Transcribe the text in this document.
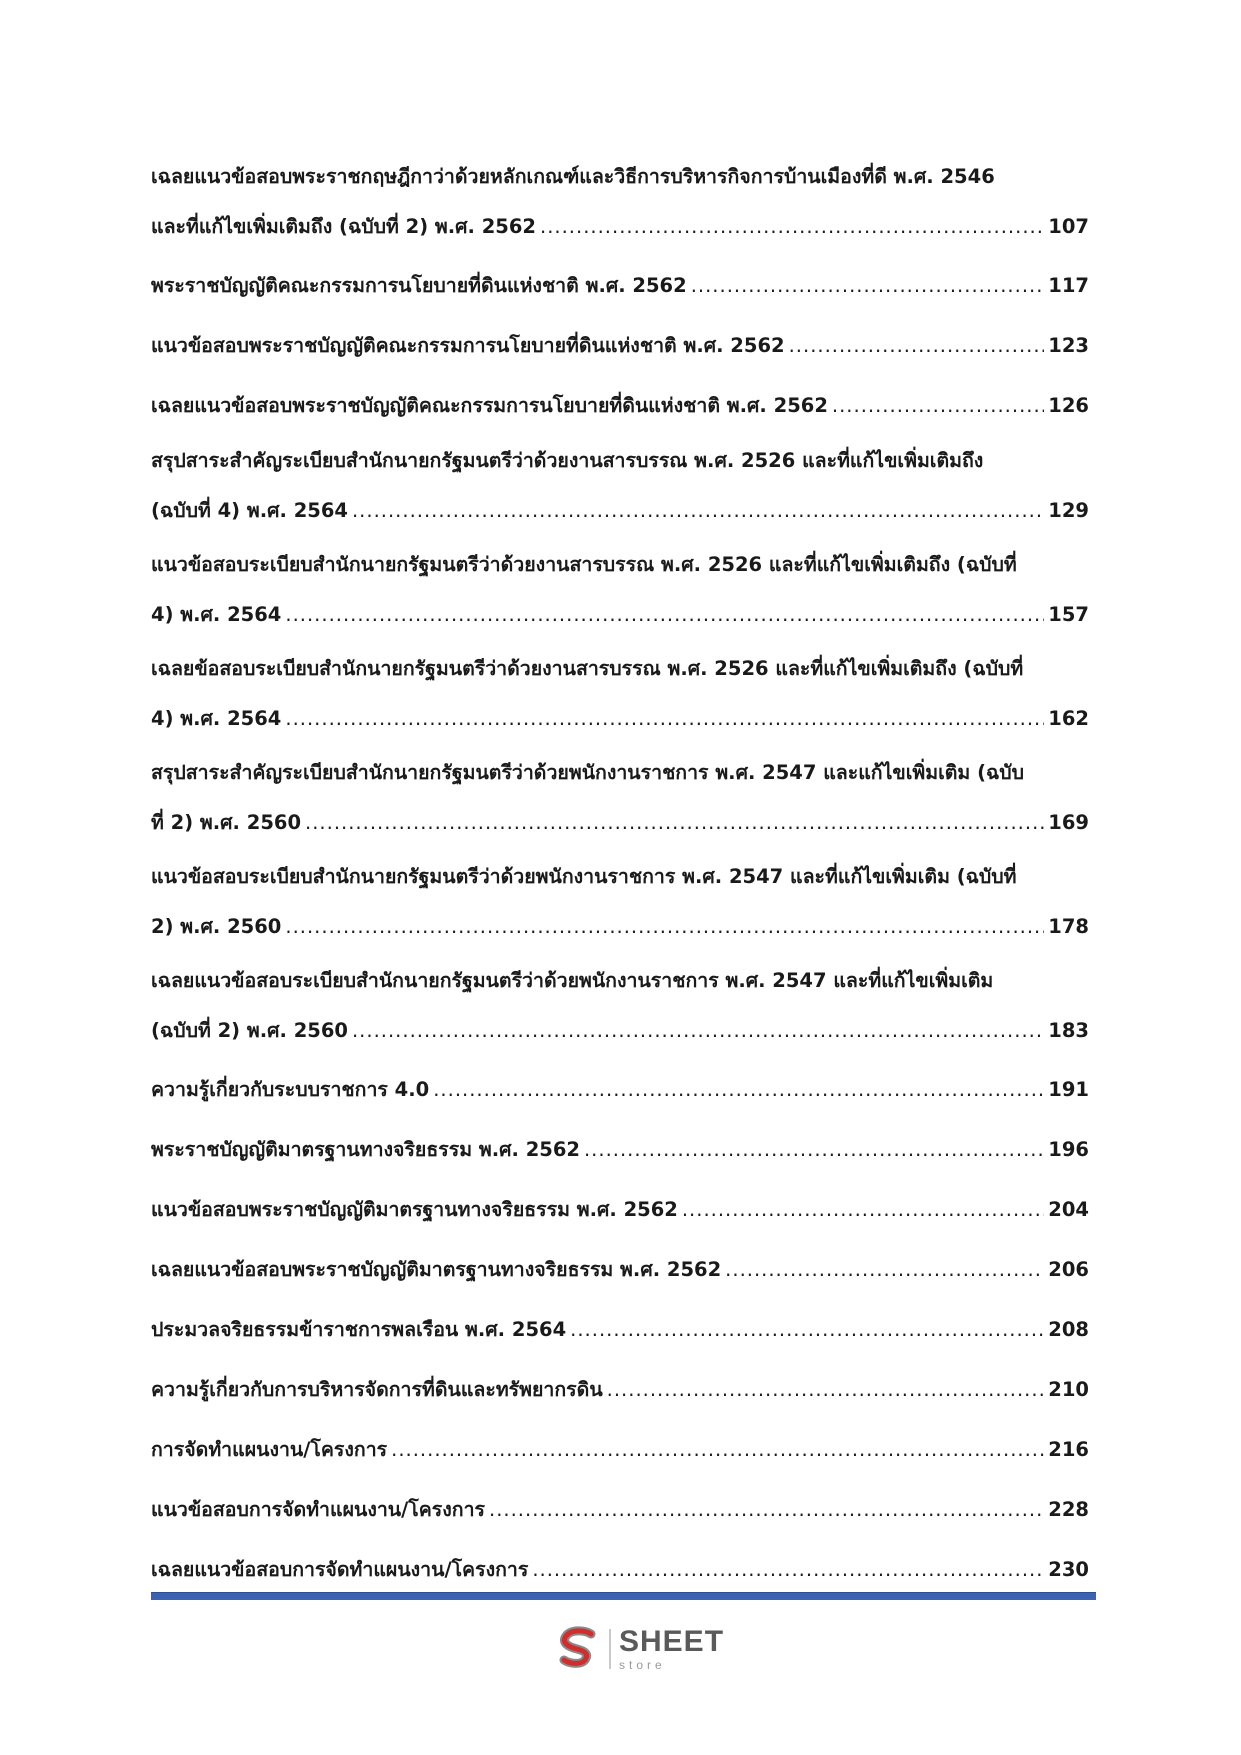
เฉลยแนวข้อสอบพระราชกฤษฎีกาว่าด้วยหลักเกณฑ์และวิธีการบริหารกิจการบ้านเมืองที่ดี พ.ศ. 2546
และที่แก้ไขเพิ่มเติมถึง (ฉบับที่ 2) พ.ศ. 2562 .....	107
พระราชบัญญัติคณะกรรมการนโยบายที่ดินแห่งชาติ พ.ศ. 2562 .....	117
แนวข้อสอบพระราชบัญญัติคณะกรรมการนโยบายที่ดินแห่งชาติ พ.ศ. 2562 .....	123
เฉลยแนวข้อสอบพระราชบัญญัติคณะกรรมการนโยบายที่ดินแห่งชาติ พ.ศ. 2562 .....	126
สรุปสาระสำคัญระเบียบสำนักนายกรัฐมนตรีว่าด้วยงานสารบรรณ พ.ศ. 2526 และที่แก้ไขเพิ่มเติมถึง
(ฉบับที่ 4) พ.ศ. 2564 .....	129
แนวข้อสอบระเบียบสำนักนายกรัฐมนตรีว่าด้วยงานสารบรรณ พ.ศ. 2526 และที่แก้ไขเพิ่มเติมถึง (ฉบับที่
4) พ.ศ. 2564 .....	157
เฉลยข้อสอบระเบียบสำนักนายกรัฐมนตรีว่าด้วยงานสารบรรณ พ.ศ. 2526 และที่แก้ไขเพิ่มเติมถึง (ฉบับที่
4) พ.ศ. 2564 .....	162
สรุปสาระสำคัญระเบียบสำนักนายกรัฐมนตรีว่าด้วยพนักงานราชการ พ.ศ. 2547 และแก้ไขเพิ่มเติม (ฉบับ
ที่ 2) พ.ศ. 2560 .....	169
แนวข้อสอบระเบียบสำนักนายกรัฐมนตรีว่าด้วยพนักงานราชการ พ.ศ. 2547 และที่แก้ไขเพิ่มเติม (ฉบับที่
2) พ.ศ. 2560 .....	178
เฉลยแนวข้อสอบระเบียบสำนักนายกรัฐมนตรีว่าด้วยพนักงานราชการ พ.ศ. 2547 และที่แก้ไขเพิ่มเติม
(ฉบับที่ 2) พ.ศ. 2560 .....	183
ความรู้เกี่ยวกับระบบราชการ 4.0 .....	191
พระราชบัญญัติมาตรฐานทางจริยธรรม พ.ศ. 2562 .....	196
แนวข้อสอบพระราชบัญญัติมาตรฐานทางจริยธรรม พ.ศ. 2562 .....	204
เฉลยแนวข้อสอบพระราชบัญญัติมาตรฐานทางจริยธรรม พ.ศ. 2562 .....	206
ประมวลจริยธรรมข้าราชการพลเรือน พ.ศ. 2564 .....	208
ความรู้เกี่ยวกับการบริหารจัดการที่ดินและทรัพยากรดิน .....	210
การจัดทำแผนงาน/โครงการ .....	216
แนวข้อสอบการจัดทำแผนงาน/โครงการ .....	228
เฉลยแนวข้อสอบการจัดทำแผนงาน/โครงการ .....	230
SHEET
store
